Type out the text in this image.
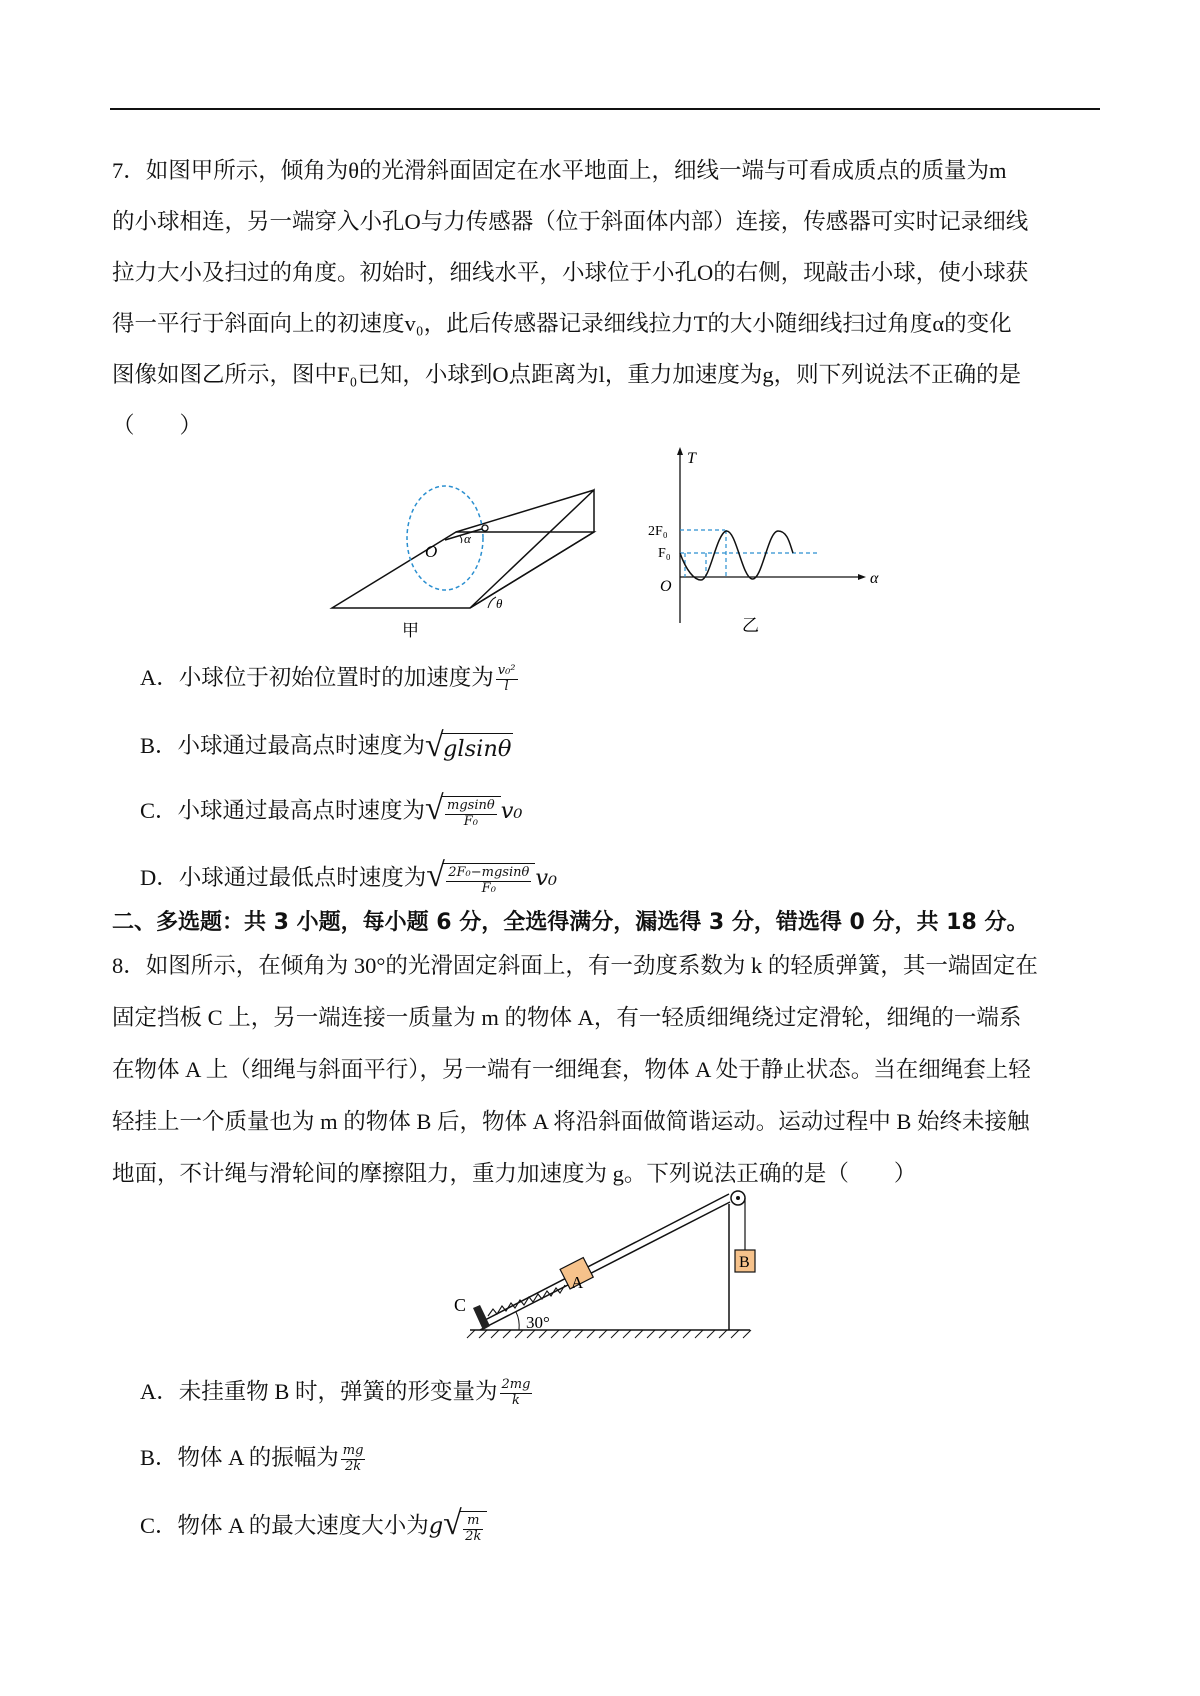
7．如图甲所示，倾角为θ的光滑斜面固定在水平地面上，细线一端与可看成质点的质量为m
的小球相连，另一端穿入小孔O与力传感器（位于斜面体内部）连接，传感器可实时记录细线
拉力大小及扫过的角度。初始时，细线水平，小球位于小孔O的右侧，现敲击小球，使小球获
得一平行于斜面向上的初速度v₀，此后传感器记录细线拉力T的大小随细线扫过角度α的变化
图像如图乙所示，图中F₀已知，小球到O点距离为l，重力加速度为g，则下列说法不正确的是
（　　）
O
α
θ
甲
T
α
O
2F₀
F₀
乙
A．小球位于初始位置时的加速度为 $\frac{\text{v₀²}}{l}$
B．小球通过最高点时速度为 √ glsinθ
C．小球通过最高点时速度为 √ $\frac{mgsin\theta}{\text{F₀}} v_0$
D．小球通过最低点时速度为 √ $\frac{\text{2F₀−mgsinθ}}{\text{F₀}} v_0$
二、多选题：共 3 小题，每小题 6 分，全选得满分，漏选得 3 分，错选得 0 分，共 18 分。
8．如图所示，在倾角为 30°的光滑固定斜面上，有一劲度系数为 k 的轻质弹簧，其一端固定在
固定挡板 C 上，另一端连接一质量为 m 的物体 A，有一轻质细绳绕过定滑轮，细绳的一端系
在物体 A 上（细绳与斜面平行），另一端有一细绳套，物体 A 处于静止状态。当在细绳套上轻
轻挂上一个质量也为 m 的物体 B 后，物体 A 将沿斜面做简谐运动。运动过程中 B 始终未接触
地面，不计绳与滑轮间的摩擦阻力，重力加速度为 g。下列说法正确的是（　　）
B
A
C
30°
A．未挂重物 B 时，弹簧的形变量为 $\frac{2mg}{k}$
B．物体 A 的振幅为 $\frac{mg}{2k}$
C．物体 A 的最大速度大小为g √ $\frac{m}{2k}$
